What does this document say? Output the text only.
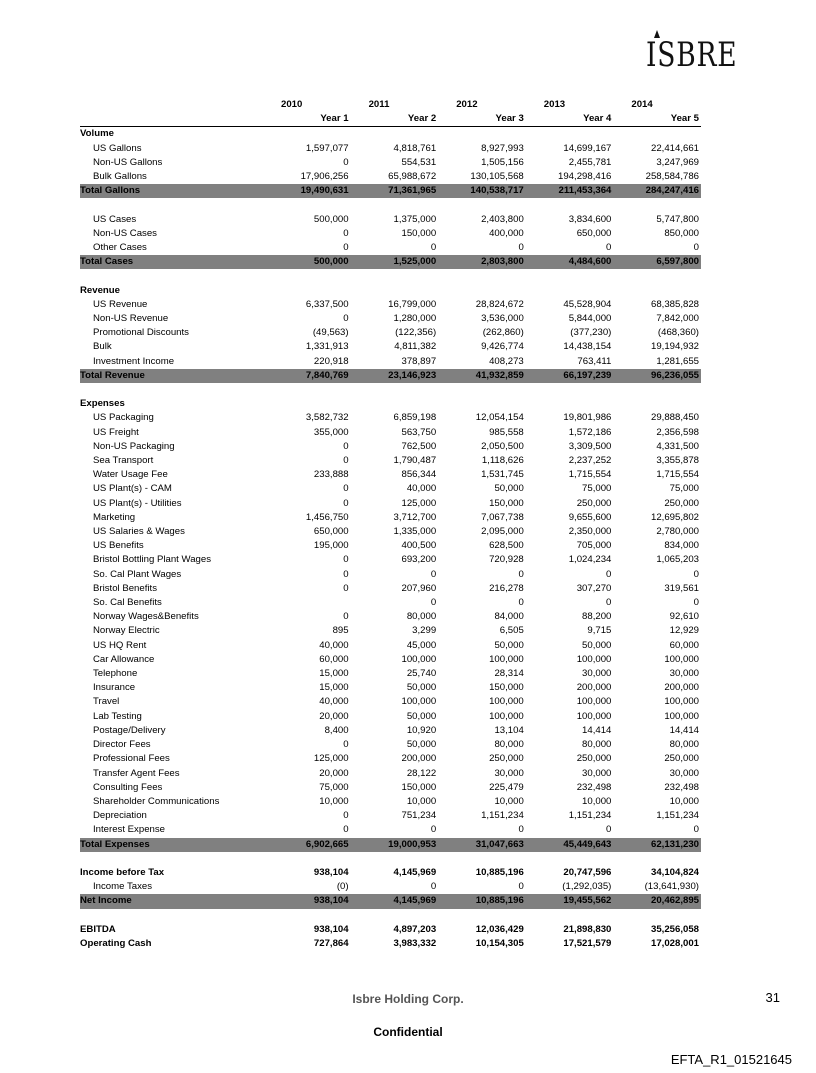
ISBRE
	2010	2011	2012	2013	2014
	Year 1	Year 2	Year 3	Year 4	Year 5
Volume					
US Gallons	1,597,077	4,818,761	8,927,993	14,699,167	22,414,661
Non-US Gallons	0	554,531	1,505,156	2,455,781	3,247,969
Bulk Gallons	17,906,256	65,988,672	130,105,568	194,298,416	258,584,786
Total Gallons	19,490,631	71,361,965	140,538,717	211,453,364	284,247,416

US Cases	500,000	1,375,000	2,403,800	3,834,600	5,747,800
Non-US Cases	0	150,000	400,000	650,000	850,000
Other Cases	0	0	0	0	0
Total Cases	500,000	1,525,000	2,803,800	4,484,600	6,597,800

Revenue					
US Revenue	6,337,500	16,799,000	28,824,672	45,528,904	68,385,828
Non-US Revenue	0	1,280,000	3,536,000	5,844,000	7,842,000
Promotional Discounts	(49,563)	(122,356)	(262,860)	(377,230)	(468,360)
Bulk	1,331,913	4,811,382	9,426,774	14,438,154	19,194,932
Investment Income	220,918	378,897	408,273	763,411	1,281,655
Total Revenue	7,840,769	23,146,923	41,932,859	66,197,239	96,236,055

Expenses					
US Packaging	3,582,732	6,859,198	12,054,154	19,801,986	29,888,450
US Freight	355,000	563,750	985,558	1,572,186	2,356,598
Non-US Packaging	0	762,500	2,050,500	3,309,500	4,331,500
Sea Transport	0	1,790,487	1,118,626	2,237,252	3,355,878
Water Usage Fee	233,888	856,344	1,531,745	1,715,554	1,715,554
US Plant(s) - CAM	0	40,000	50,000	75,000	75,000
US Plant(s) - Utilities	0	125,000	150,000	250,000	250,000
Marketing	1,456,750	3,712,700	7,067,738	9,655,600	12,695,802
US Salaries & Wages	650,000	1,335,000	2,095,000	2,350,000	2,780,000
US Benefits	195,000	400,500	628,500	705,000	834,000
Bristol Bottling Plant Wages	0	693,200	720,928	1,024,234	1,065,203
So. Cal Plant Wages	0	0	0	0	0
Bristol Benefits	0	207,960	216,278	307,270	319,561
So. Cal Benefits		0	0	0	0
Norway Wages&Benefits	0	80,000	84,000	88,200	92,610
Norway Electric	895	3,299	6,505	9,715	12,929
US HQ Rent	40,000	45,000	50,000	50,000	60,000
Car Allowance	60,000	100,000	100,000	100,000	100,000
Telephone	15,000	25,740	28,314	30,000	30,000
Insurance	15,000	50,000	150,000	200,000	200,000
Travel	40,000	100,000	100,000	100,000	100,000
Lab Testing	20,000	50,000	100,000	100,000	100,000
Postage/Delivery	8,400	10,920	13,104	14,414	14,414
Director Fees	0	50,000	80,000	80,000	80,000
Professional Fees	125,000	200,000	250,000	250,000	250,000
Transfer Agent Fees	20,000	28,122	30,000	30,000	30,000
Consulting Fees	75,000	150,000	225,479	232,498	232,498
Shareholder Communications	10,000	10,000	10,000	10,000	10,000
Depreciation	0	751,234	1,151,234	1,151,234	1,151,234
Interest Expense	0	0	0	0	0
Total Expenses	6,902,665	19,000,953	31,047,663	45,449,643	62,131,230

Income before Tax	938,104	4,145,969	10,885,196	20,747,596	34,104,824
Income Taxes	(0)	0	0	(1,292,035)	(13,641,930)
Net Income	938,104	4,145,969	10,885,196	19,455,562	20,462,895

EBITDA	938,104	4,897,203	12,036,429	21,898,830	35,256,058
Operating Cash	727,864	3,983,332	10,154,305	17,521,579	17,028,001
Isbre Holding Corp.	31
Confidential
EFTA_R1_01521645
